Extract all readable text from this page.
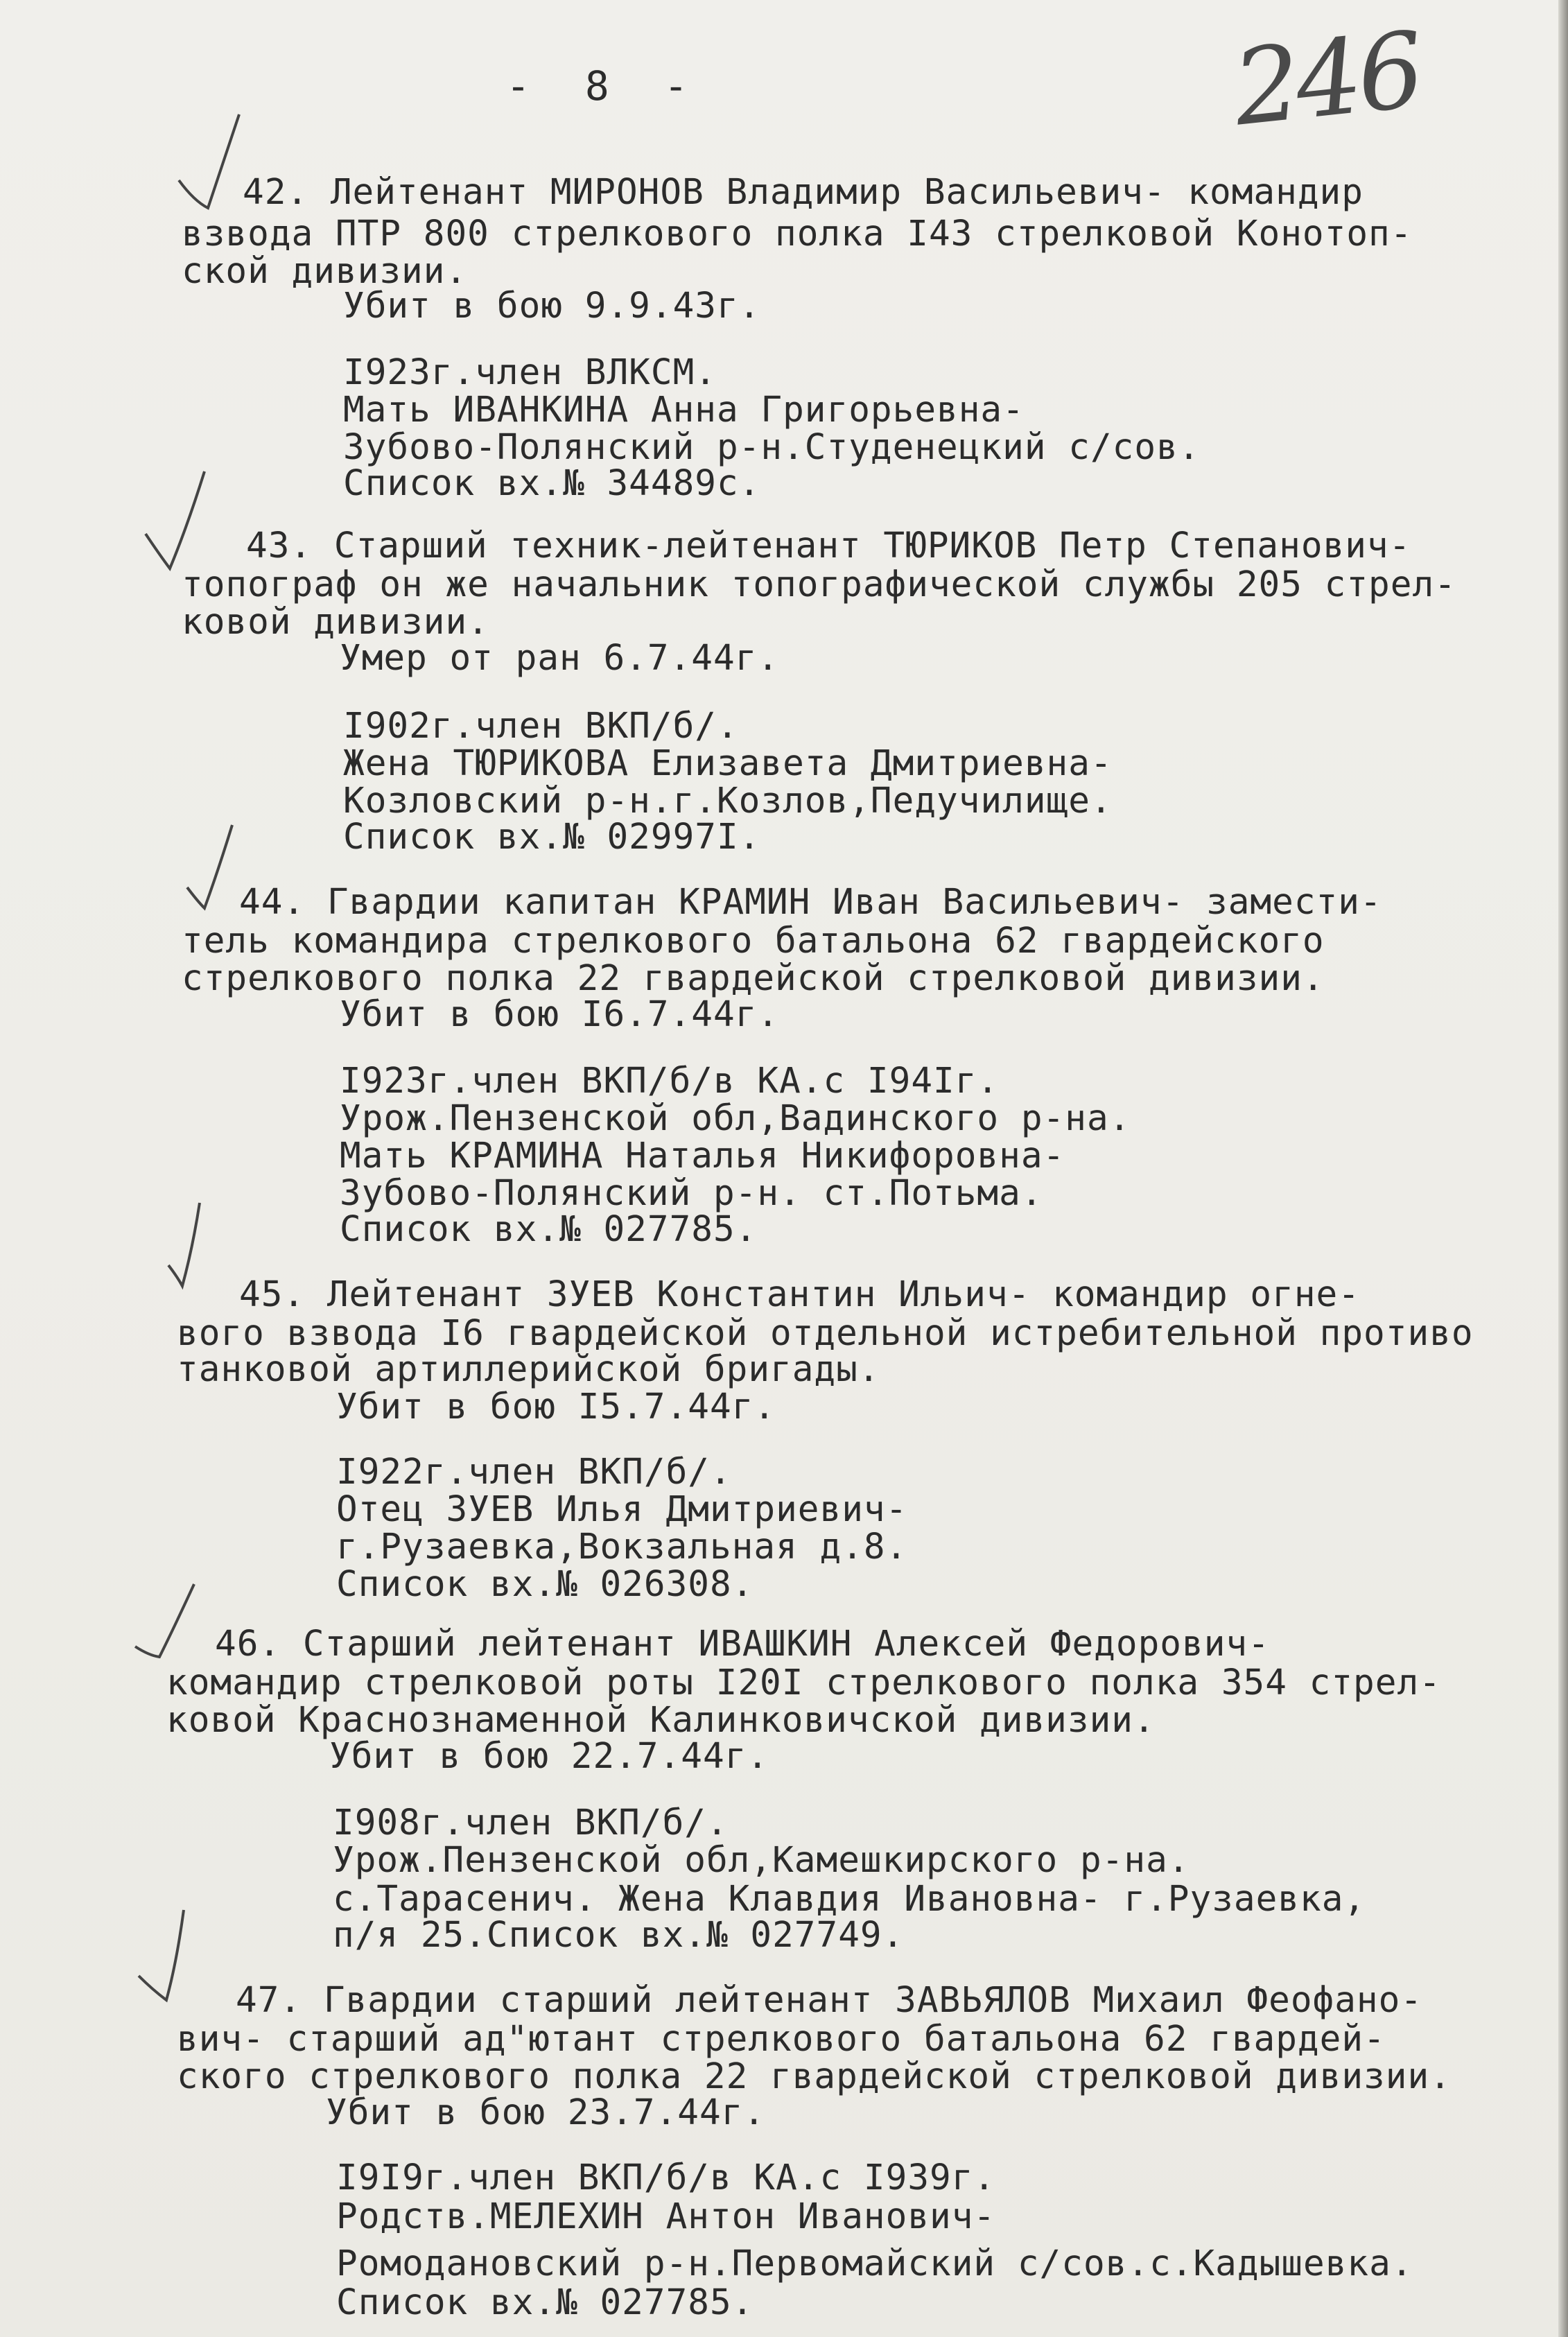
- 8 -	246
42. Лейтенант МИРОНОВ Владимир Васильевич- командир
взвода ПТР 800 стрелкового полка I43 стрелковой Конотоп-
ской дивизии.
Убит в бою 9.9.43г.
I923г.член ВЛКСМ.
Мать ИВАНКИНА Анна Григорьевна-
Зубово-Полянский р-н.Студенецкий с/сов.
Список вх.№ 34489с.
43. Старший техник-лейтенант ТЮРИКОВ Петр Степанович-
топограф он же начальник топографической службы 205 стрел-
ковой дивизии.
Умер от ран 6.7.44г.
I902г.член ВКП/б/.
Жена ТЮРИКОВА Елизавета Дмитриевна-
Козловский р-н.г.Козлов,Педучилище.
Список вх.№ 02997I.
44. Гвардии капитан КРАМИН Иван Васильевич- замести-
тель командира стрелкового батальона 62 гвардейского
стрелкового полка 22 гвардейской стрелковой дивизии.
Убит в бою I6.7.44г.
I923г.член ВКП/б/в КА.с I94Iг.
Урож.Пензенской обл,Вадинского р-на.
Мать КРАМИНА Наталья Никифоровна-
Зубово-Полянский р-н. ст.Потьма.
Список вх.№ 027785.
45. Лейтенант ЗУЕВ Константин Ильич- командир огне-
вого взвода I6 гвардейской отдельной истребительной противо
танковой артиллерийской бригады.
Убит в бою I5.7.44г.
I922г.член ВКП/б/.
Отец ЗУЕВ Илья Дмитриевич-
г.Рузаевка,Вокзальная д.8.
Список вх.№ 026308.
46. Старший лейтенант ИВАШКИН Алексей Федорович-
командир стрелковой роты I20I стрелкового полка 354 стрел-
ковой Краснознаменной Калинковичской дивизии.
Убит в бою 22.7.44г.
I908г.член ВКП/б/.
Урож.Пензенской обл,Камешкирского р-на.
с.Тарасенич. Жена Клавдия Ивановна- г.Рузаевка,
п/я 25.Список вх.№ 027749.
47. Гвардии старший лейтенант ЗАВЬЯЛОВ Михаил Феофано-
вич- старший ад"ютант стрелкового батальона 62 гвардей-
ского стрелкового полка 22 гвардейской стрелковой дивизии.
Убит в бою 23.7.44г.
I9I9г.член ВКП/б/в КА.с I939г.
Родств.МЕЛЕХИН Антон Иванович-
Ромодановский р-н.Первомайский с/сов.с.Кадышевка.
Список вх.№ 027785.
